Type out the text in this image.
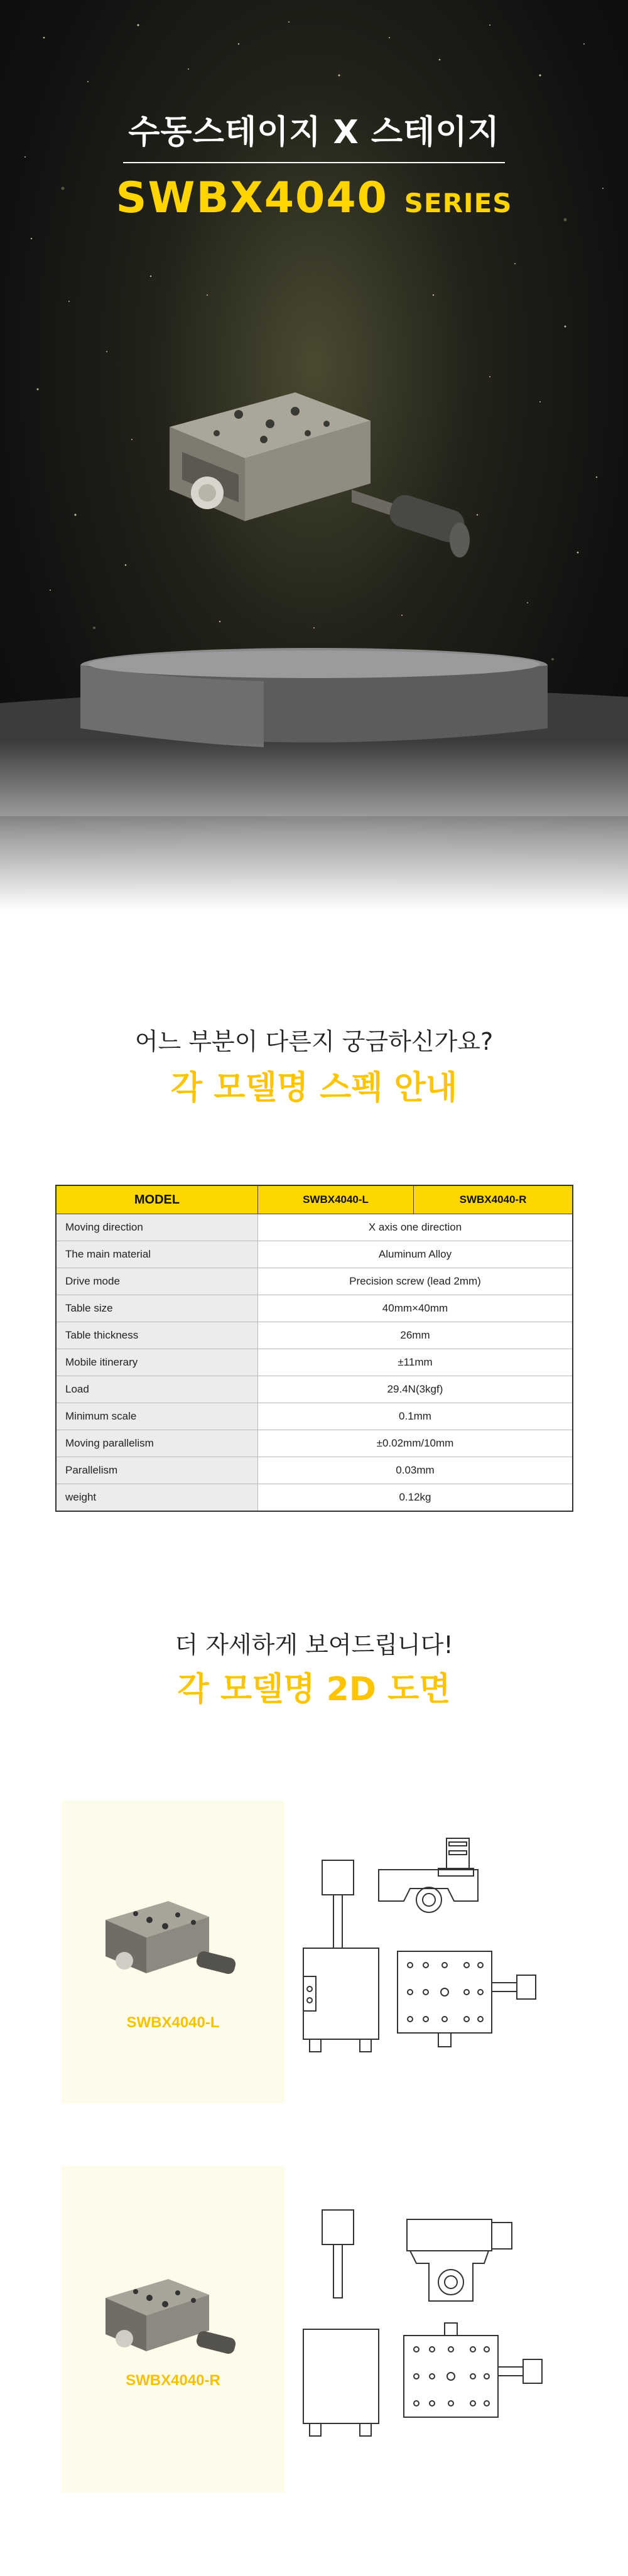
수동스테이지 X 스테이지
SWBX4040 SERIES
어느 부분이 다른지 궁금하신가요?
각 모델명 스펙 안내
MODEL	SWBX4040-L	SWBX4040-R
Moving direction	X axis one direction	
The main material	Aluminum Alloy	
Drive mode	Precision screw (lead 2mm)	
Table size	40mm×40mm	
Table thickness	26mm	
Mobile itinerary	±11mm	
Load	29.4N(3kgf)	
Minimum scale	0.1mm	
Moving parallelism	±0.02mm/10mm	
Parallelism	0.03mm	
weight	0.12kg	
더 자세하게 보여드립니다!
각 모델명 2D 도면
SWBX4040-L
SWBX4040-R
